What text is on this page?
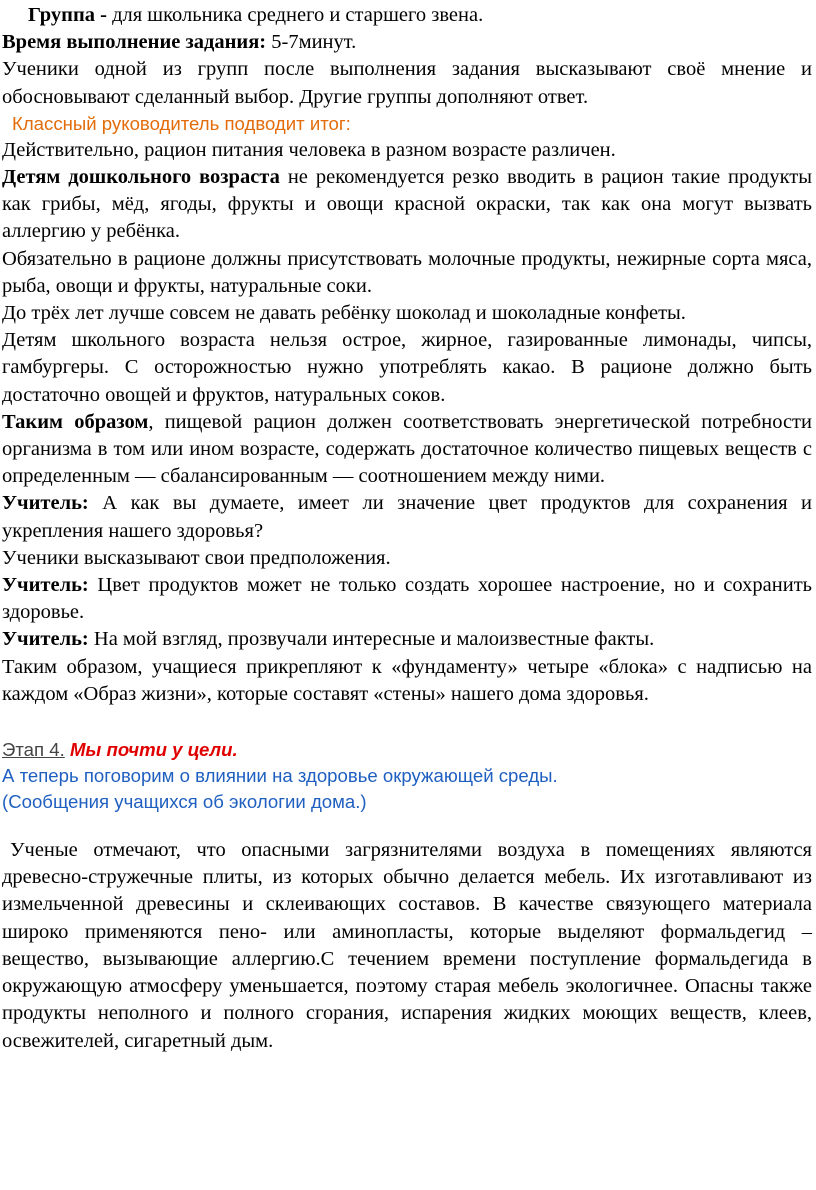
Группа - для школьника среднего и старшего звена.

Время выполнение задания: 5-7минут.

Ученики одной из групп после выполнения задания высказывают своё мнение и обосновывают сделанный выбор. Другие группы дополняют ответ.

Классный руководитель подводит итог:

Действительно, рацион питания человека в разном возрасте различен.

Детям дошкольного возраста не рекомендуется резко вводить в рацион такие продукты как грибы, мёд, ягоды, фрукты и овощи красной окраски, так как она могут вызвать аллергию у ребёнка.

Обязательно в рационе должны присутствовать молочные продукты, нежирные сорта мяса, рыба, овощи и фрукты, натуральные соки.

До трёх лет лучше совсем не давать ребёнку шоколад и шоколадные конфеты.

Детям школьного возраста нельзя острое, жирное, газированные лимонады, чипсы, гамбургеры. С осторожностью нужно употреблять какао. В рационе должно быть достаточно овощей и фруктов, натуральных соков.

Таким образом, пищевой рацион должен соответствовать энергетической потребности организма в том или ином возрасте, содержать достаточное количество пищевых веществ с определенным — сбалансированным — соотношением между ними.

Учитель: А как вы думаете, имеет ли значение цвет продуктов для сохранения и укрепления нашего здоровья?

Ученики высказывают свои предположения.

Учитель: Цвет продуктов может не только создать хорошее настроение, но и сохранить здоровье.

Учитель: На мой взгляд, прозвучали интересные и малоизвестные факты.

Таким образом, учащиеся прикрепляют к «фундаменту» четыре «блока» с надписью на каждом «Образ жизни», которые составят «стены» нашего дома здоровья.

Этап 4. Мы почти у цели.

А теперь поговорим о влиянии на здоровье окружающей среды.

(Сообщения учащихся об экологии дома.)

Ученые отмечают, что опасными загрязнителями воздуха в помещениях являются древесно-стружечные плиты, из которых обычно делается мебель. Их изготавливают из измельченной древесины и склеивающих составов. В качестве связующего материала широко применяются пено- или аминопласты, которые выделяют формальдегид – вещество, вызывающие аллергию.С течением времени поступление формальдегида в окружающую атмосферу уменьшается, поэтому старая мебель экологичнее. Опасны также продукты неполного и полного сгорания, испарения жидких моющих веществ, клеев, освежителей, сигаретный дым.
